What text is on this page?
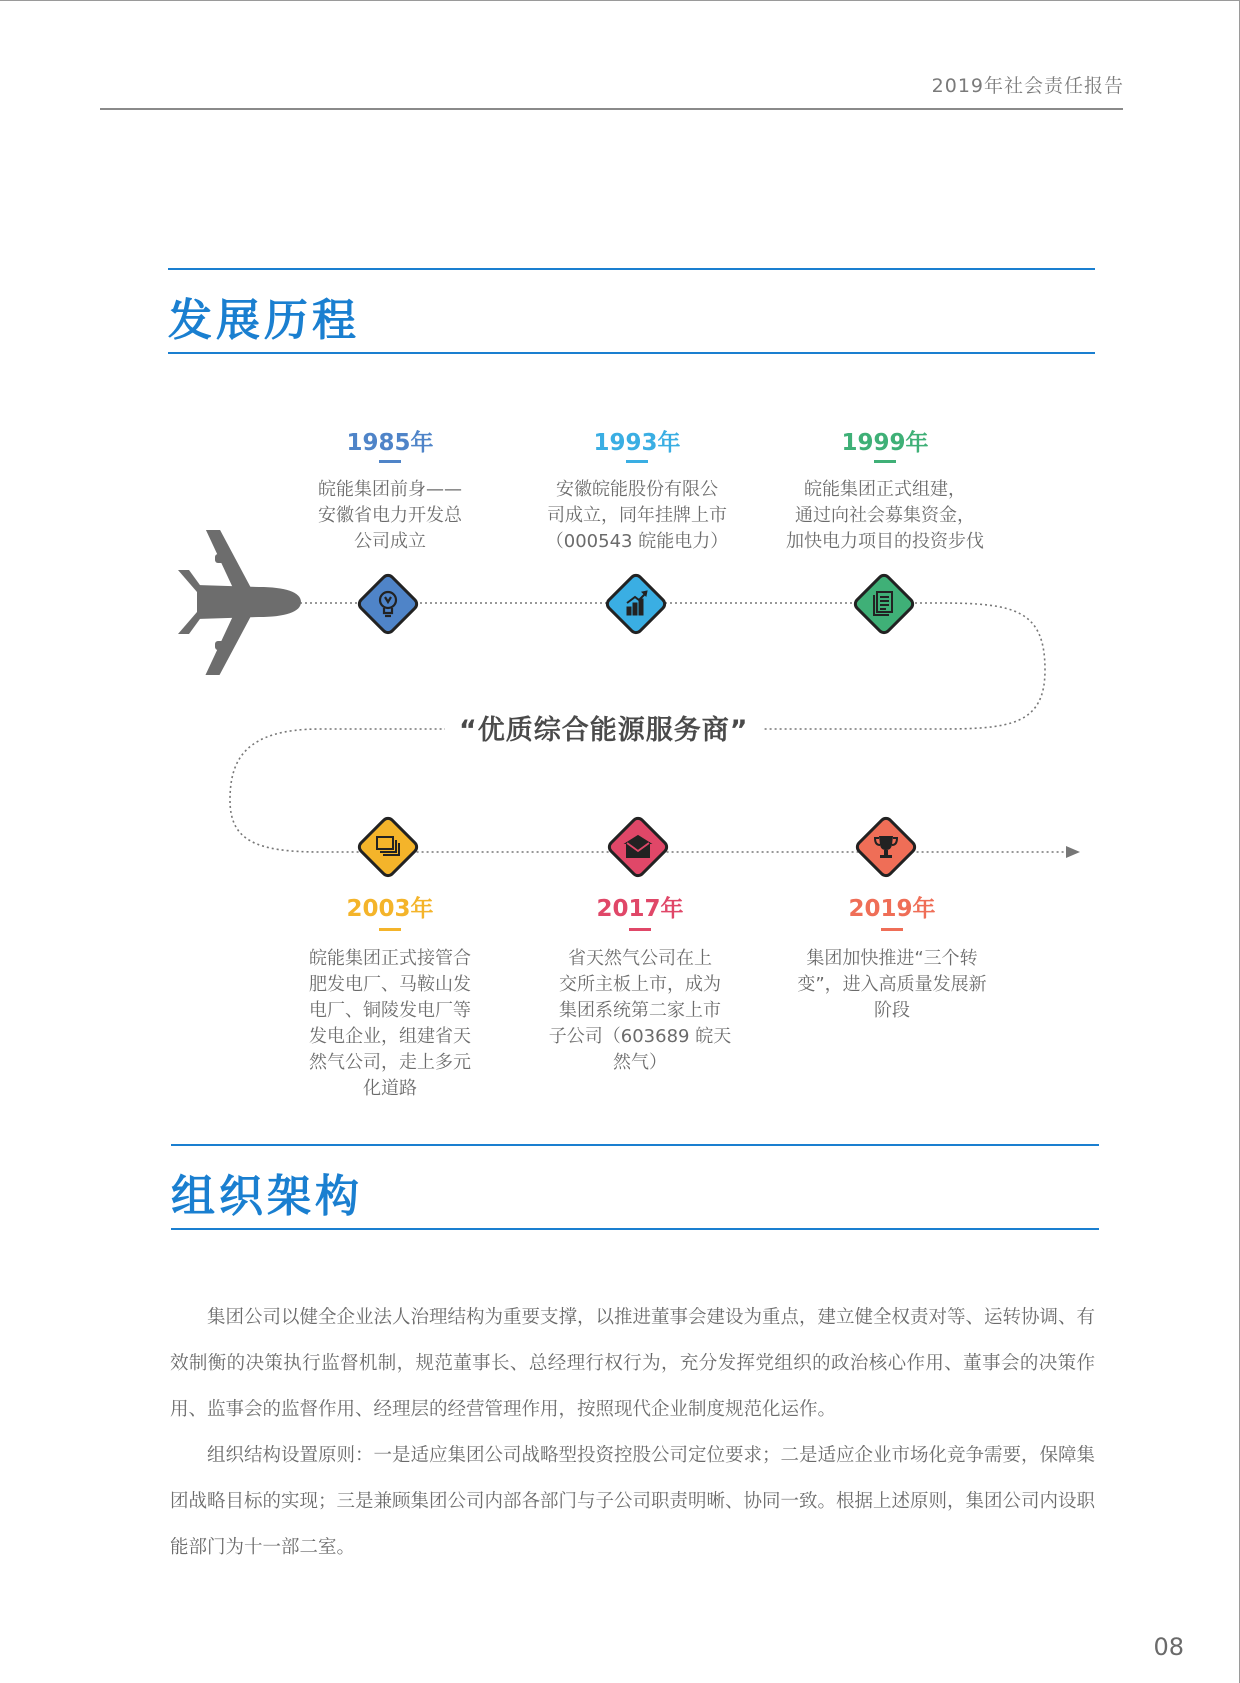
2019年社会责任报告
发展历程
“优质综合能源服务商”
1985年
皖能集团前身——
安徽省电力开发总
公司成立
1993年
安徽皖能股份有限公
司成立，同年挂牌上市
（000543 皖能电力）
1999年
皖能集团正式组建，
通过向社会募集资金，
加快电力项目的投资步伐
2003年
皖能集团正式接管合
肥发电厂、马鞍山发
电厂、铜陵发电厂等
发电企业，组建省天
然气公司，走上多元
化道路
2017年
省天然气公司在上
交所主板上市，成为
集团系统第二家上市
子公司（603689 皖天
然气）
2019年
集团加快推进“三个转
变”，进入高质量发展新
阶段
组织架构

集团公司以健全企业法人治理结构为重要支撑，以推进董事会建设为重点，建立健全权责对等、运转协调、有效制衡的决策执行监督机制，规范董事长、总经理行权行为，充分发挥党组织的政治核心作用、董事会的决策作用、监事会的监督作用、经理层的经营管理作用，按照现代企业制度规范化运作。

组织结构设置原则：一是适应集团公司战略型投资控股公司定位要求；二是适应企业市场化竞争需要，保障集团战略目标的实现；三是兼顾集团公司内部各部门与子公司职责明晰、协同一致。根据上述原则，集团公司内设职能部门为十一部二室。

08
